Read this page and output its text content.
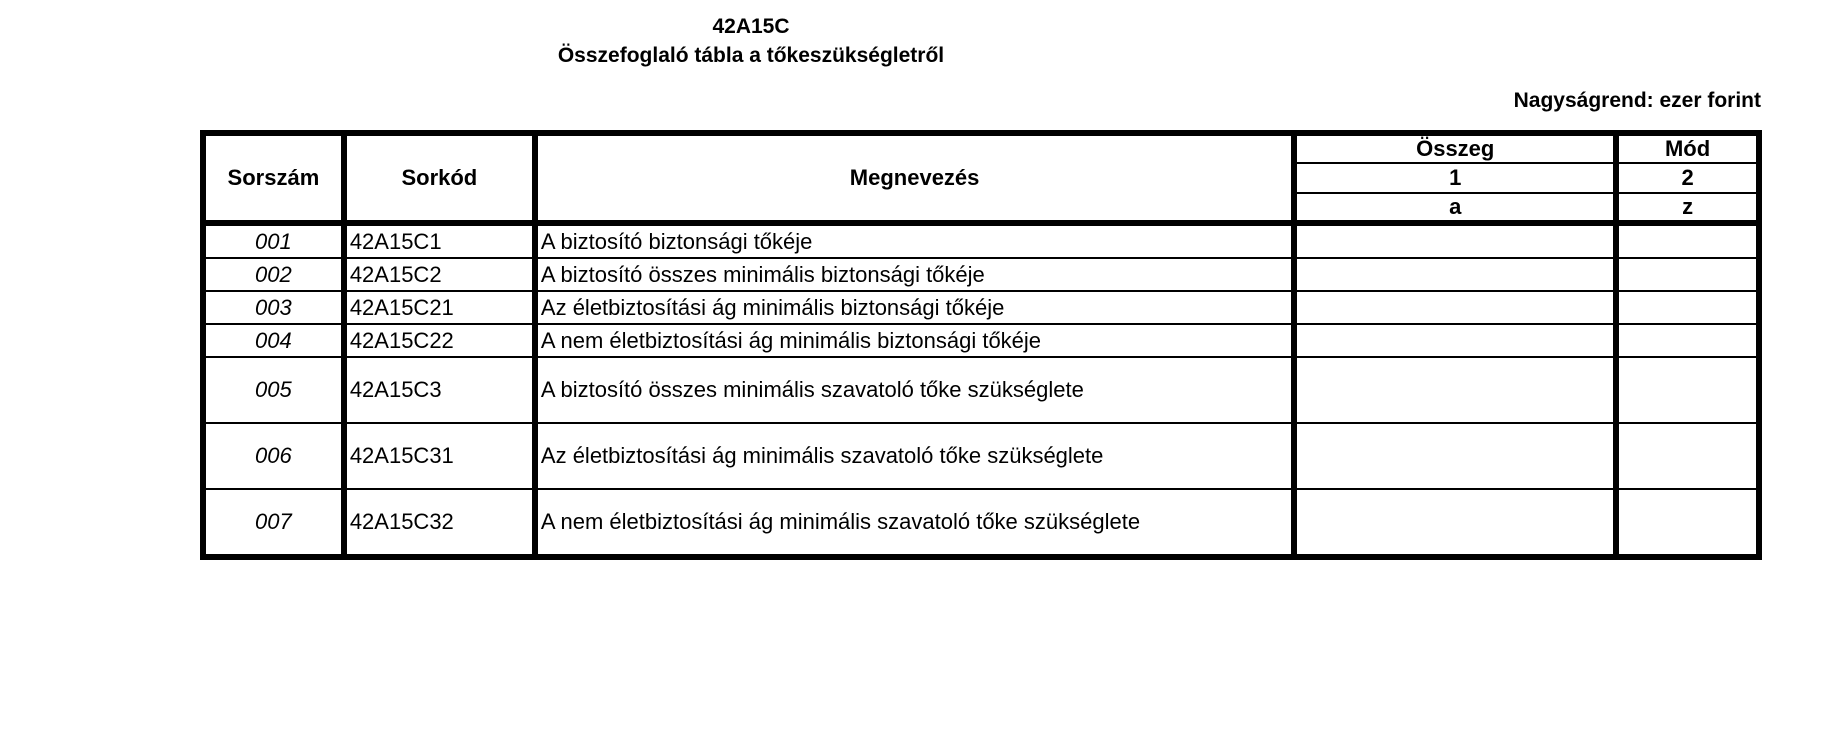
42A15C
Összefoglaló tábla a tőkeszükségletről
Nagyságrend: ezer forint
Sorszám	Sorkód	Megnevezés	Összeg	Mód
			1	2
			a	z
001	42A15C1	A biztosító biztonsági tőkéje		
002	42A15C2	A biztosító összes minimális biztonsági tőkéje		
003	42A15C21	Az életbiztosítási ág minimális biztonsági tőkéje		
004	42A15C22	A nem életbiztosítási ág minimális biztonsági tőkéje		
005	42A15C3	A biztosító összes minimális szavatoló tőke szükséglete		
006	42A15C31	Az életbiztosítási ág minimális szavatoló tőke szükséglete		
007	42A15C32	A nem életbiztosítási ág minimális szavatoló tőke szükséglete		
